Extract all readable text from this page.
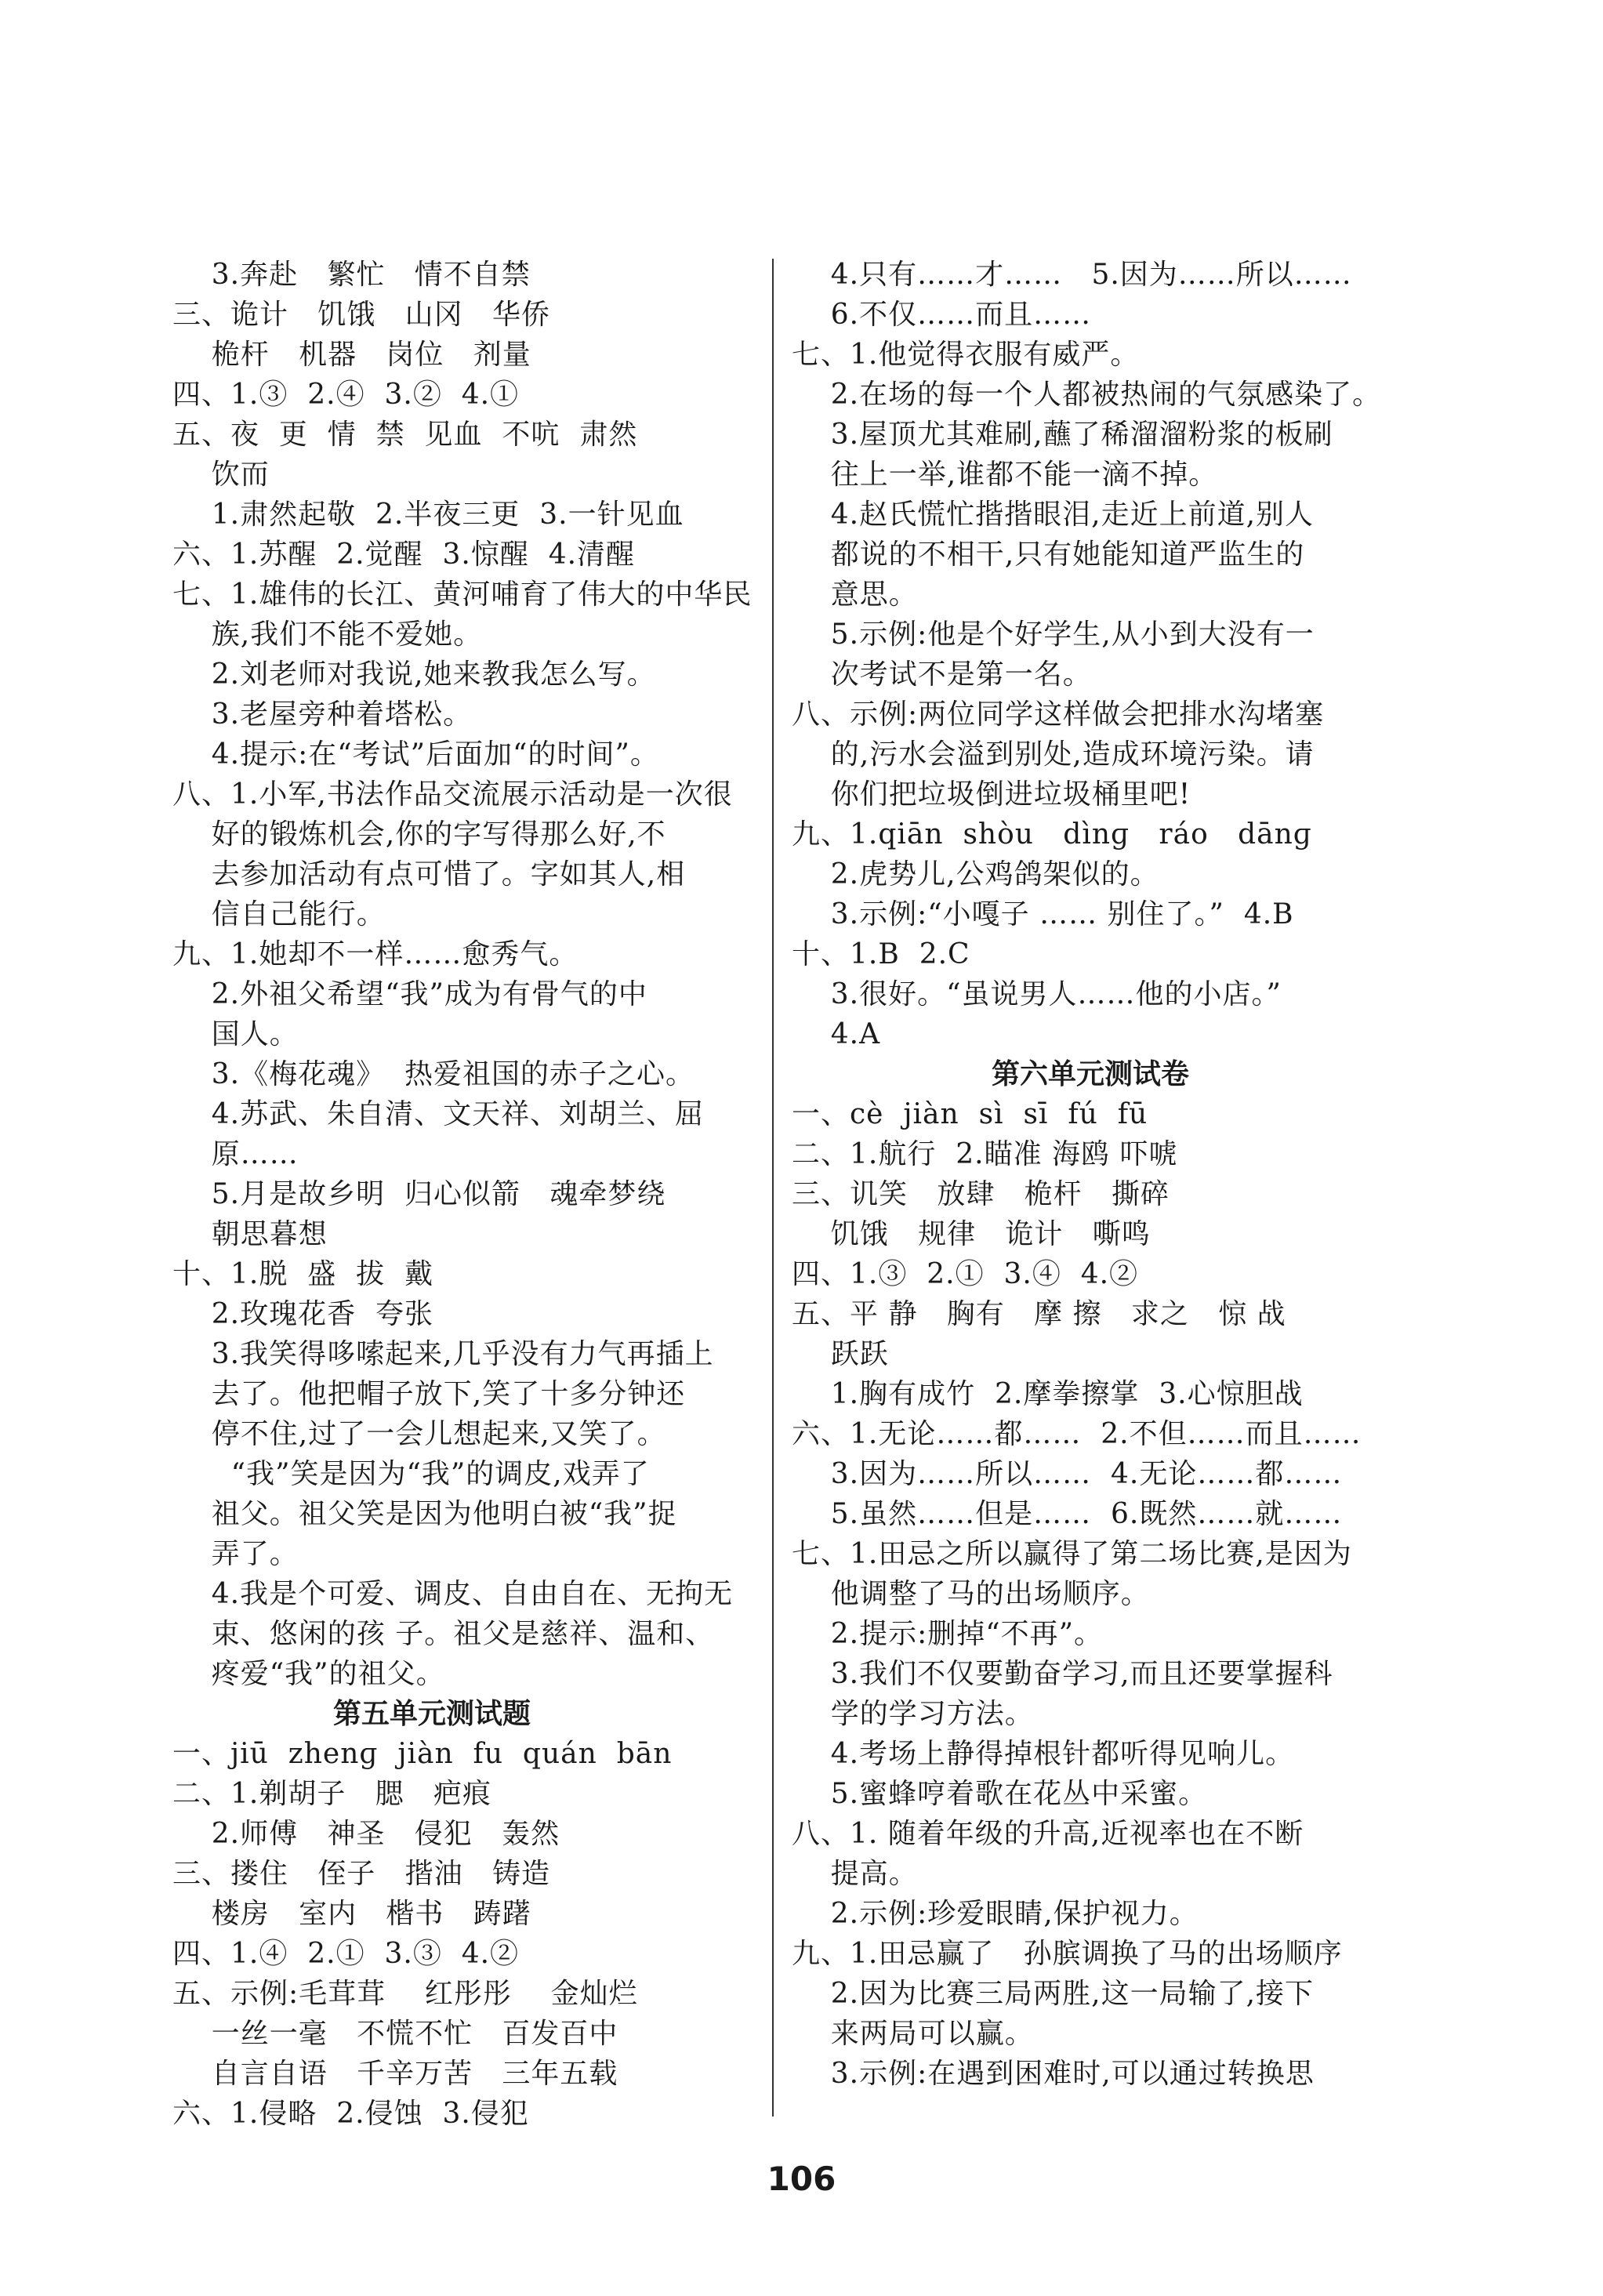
3.奔赴   繁忙   情不自禁
三、诡计   饥饿   山冈   华侨
桅杆   机器   岗位   剂量
四、1.③  2.④  3.②  4.①
五、夜  更  情  禁  见血  不吭  肃然
饮而
1.肃然起敬  2.半夜三更  3.一针见血
六、1.苏醒  2.觉醒  3.惊醒  4.清醒
七、1.雄伟的长江、黄河哺育了伟大的中华民
族,我们不能不爱她。
2.刘老师对我说,她来教我怎么写。
3.老屋旁种着塔松。
4.提示:在“考试”后面加“的时间”。
八、1.小军,书法作品交流展示活动是一次很
好的锻炼机会,你的字写得那么好,不
去参加活动有点可惜了。字如其人,相
信自己能行。
九、1.她却不一样……愈秀气。
2.外祖父希望“我”成为有骨气的中
国人。
3.《梅花魂》  热爱祖国的赤子之心。
4.苏武、朱自清、文天祥、刘胡兰、屈
原……
5.月是故乡明  归心似箭   魂牵梦绕
朝思暮想
十、1.脱  盛  拔  戴
2.玫瑰花香  夸张
3.我笑得哆嗦起来,几乎没有力气再插上
去了。他把帽子放下,笑了十多分钟还
停不住,过了一会儿想起来,又笑了。
“我”笑是因为“我”的调皮,戏弄了
祖父。祖父笑是因为他明白被“我”捉
弄了。
4.我是个可爱、调皮、自由自在、无拘无
束、悠闲的孩 子。祖父是慈祥、温和、
疼爱“我”的祖父。
第五单元测试题
一、jiū  zhenɡ  jiàn  fu  quán  bān
二、1.剃胡子   腮   疤痕
2.师傅   神圣   侵犯   轰然
三、搂住   侄子   揩油   铸造
楼房   室内   楷书   踌躇
四、1.④  2.①  3.③  4.②
五、示例:毛茸茸    红彤彤    金灿烂
一丝一毫   不慌不忙   百发百中
自言自语   千辛万苦   三年五载
六、1.侵略  2.侵蚀  3.侵犯
4.只有……才……   5.因为……所以……
6.不仅……而且……
七、1.他觉得衣服有威严。
2.在场的每一个人都被热闹的气氛感染了。
3.屋顶尤其难刷,蘸了稀溜溜粉浆的板刷
往上一举,谁都不能一滴不掉。
4.赵氏慌忙揩揩眼泪,走近上前道,别人
都说的不相干,只有她能知道严监生的
意思。
5.示例:他是个好学生,从小到大没有一
次考试不是第一名。
八、示例:两位同学这样做会把排水沟堵塞
的,污水会溢到别处,造成环境污染。请
你们把垃圾倒进垃圾桶里吧!
九、1.qiān  shòu   dìnɡ   ráo   dānɡ
2.虎势儿,公鸡鸽架似的。
3.示例:“小嘎子 …… 别住了。”  4.B
十、1.B  2.C
3.很好。“虽说男人……他的小店。”
4.A
第六单元测试卷
一、cè  jiàn  sì  sī  fú  fū
二、1.航行  2.瞄准 海鸥 吓唬
三、讥笑   放肆   桅杆   撕碎
饥饿   规律   诡计   嘶鸣
四、1.③  2.①  3.④  4.②
五、平 静   胸有   摩 擦   求之   惊 战
跃跃
1.胸有成竹  2.摩拳擦掌  3.心惊胆战
六、1.无论……都……  2.不但……而且……
3.因为……所以……  4.无论……都……
5.虽然……但是……  6.既然……就……
七、1.田忌之所以赢得了第二场比赛,是因为
他调整了马的出场顺序。
2.提示:删掉“不再”。
3.我们不仅要勤奋学习,而且还要掌握科
学的学习方法。
4.考场上静得掉根针都听得见响儿。
5.蜜蜂哼着歌在花丛中采蜜。
八、1. 随着年级的升高,近视率也在不断
提高。
2.示例:珍爱眼睛,保护视力。
九、1.田忌赢了   孙膑调换了马的出场顺序
2.因为比赛三局两胜,这一局输了,接下
来两局可以赢。
3.示例:在遇到困难时,可以通过转换思
106
